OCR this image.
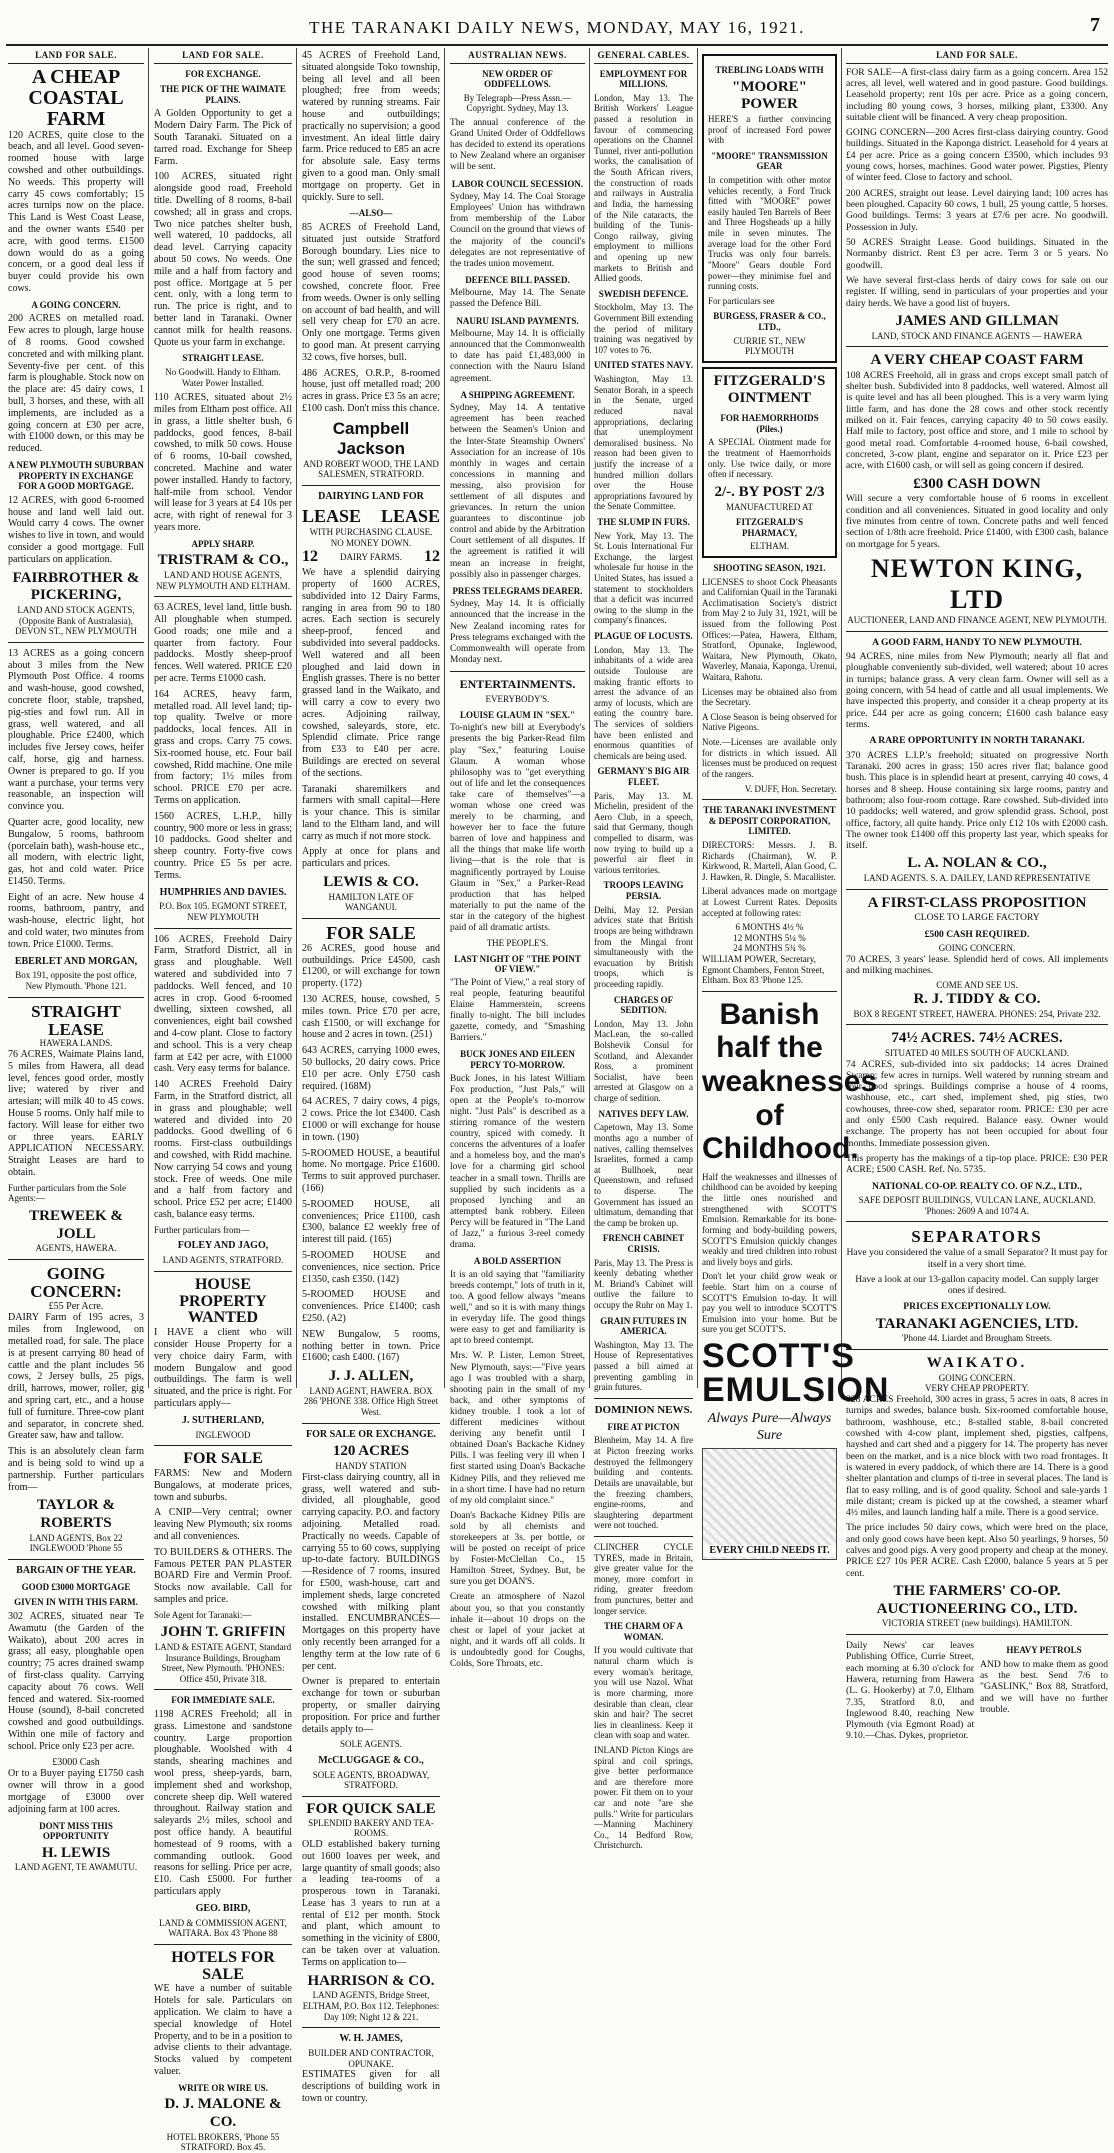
THE TARANAKI DAILY NEWS, MONDAY, MAY 16, 1921.	7
LAND FOR SALE.
A CHEAP COASTAL FARM

120 ACRES, quite close to the beach, and all level. Good seven-roomed house with large cowshed and other outbuildings. No weeds. This property will carry 45 cows comfortably; 15 acres turnips now on the place. This Land is West Coast Lease, and the owner wants £540 per acre, with good terms. £1500 down would do as a going concern, or a good deal less if buyer could provide his own cows.

A GOING CONCERN.

200 ACRES on metalled road. Few acres to plough, large house of 8 rooms. Good cowshed concreted and with milking plant. Seventy-five per cent. of this farm is ploughable. Stock now on the place are: 45 dairy cows, 1 bull, 3 horses, and these, with all implements, are included as a going concern at £30 per acre, with £1000 down, or this may be reduced.

A NEW PLYMOUTH SUBURBAN PROPERTY IN EXCHANGE FOR A GOOD MORTGAGE.

12 ACRES, with good 6-roomed house and land well laid out. Would carry 4 cows. The owner wishes to live in town, and would consider a good mortgage. Full particulars on application.

FAIRBROTHER & PICKERING,
LAND AND STOCK AGENTS, (Opposite Bank of Australasia), DEVON ST., NEW PLYMOUTH

13 ACRES as a going concern about 3 miles from the New Plymouth Post Office. 4 rooms and wash-house, good cowshed, concrete floor, stable, trapshed, pig-sties and fowl run. All in grass, well watered, and all ploughable. Price £2400, which includes five Jersey cows, heifer calf, horse, gig and harness. Owner is prepared to go. If you want a purchase, your terms very reasonable, an inspection will convince you.

Quarter acre, good locality, new Bungalow, 5 rooms, bathroom (porcelain bath), wash-house etc., all modern, with electric light, gas, hot and cold water. Price £1450. Terms.

Eight of an acre. New house 4 rooms, bathroom, pantry, and wash-house, electric light, hot and cold water, two minutes from town. Price £1000. Terms.

EBERLET AND MORGAN,
Box 191, opposite the post office, New Plymouth. 'Phone 121.
STRAIGHT LEASE
HAWERA LANDS.

76 ACRES, Waimate Plains land, 5 miles from Hawera, all dead level, fences good order, mostly live; watered by river and artesian; will milk 40 to 45 cows. House 5 rooms. Only half mile to factory. Will lease for either two or three years. EARLY APPLICATION NECESSARY. Straight Leases are hard to obtain.

Further particulars from the Sole Agents:—

TREWEEK & JOLL
AGENTS, HAWERA.
GOING CONCERN:
£55 Per Acre.

DAIRY Farm of 195 acres, 3 miles from Inglewood, on metalled road, for sale. The place is at present carrying 80 head of cattle and the plant includes 56 cows, 2 Jersey bulls, 25 pigs, drill, harrows, mower, roller, gig and spring cart, etc., and a house full of furniture. Three-cow plant and separator, in concrete shed. Greater saw, haw and tallow.

This is an absolutely clean farm and is being sold to wind up a partnership. Further particulars from—

TAYLOR & ROBERTS
LAND AGENTS, Box 22 INGLEWOOD 'Phone 55
BARGAIN OF THE YEAR.
GOOD £3000 MORTGAGE
GIVEN IN WITH THIS FARM.

302 ACRES, situated near Te Awamutu (the Garden of the Waikato), about 200 acres in grass; all easy, ploughable open country; 75 acres drained swamp of first-class quality. Carrying capacity about 76 cows. Well fenced and watered. Six-roomed House (sound), 8-bail concreted cowshed and good outbuildings. Within one mile of factory and school. Price only £23 per acre.

£3000 Cash

Or to a Buyer paying £1750 cash owner will throw in a good mortgage of £3000 over adjoining farm at 100 acres.

DONT MISS THIS OPPORTUNITY
H. LEWIS
LAND AGENT, TE AWAMUTU.
LAND FOR SALE.
FOR EXCHANGE.
THE PICK OF THE WAIMATE PLAINS.

A Golden Opportunity to get a Modern Dairy Farm. The Pick of South Taranaki. Situated on a tarred road. Exchange for Sheep Farm.

100 ACRES, situated right alongside good road, Freehold title. Dwelling of 8 rooms, 8-bail cowshed; all in grass and crops. Two nice patches shelter bush, well watered, 10 paddocks, all dead level. Carrying capacity about 50 cows. No weeds. One mile and a half from factory and post office. Mortgage at 5 per cent. only, with a long term to run. The price is right, and to better land in Taranaki. Owner cannot milk for health reasons. Quote us your farm in exchange.

STRAIGHT LEASE.

No Goodwill. Handy to Eltham. Water Power Installed.

110 ACRES, situated about 2½ miles from Eltham post office. All in grass, a little shelter bush, 6 paddocks, good fences, 8-bail cowshed, to milk 50 cows. House of 6 rooms, 10-bail cowshed, concreted. Machine and water power installed. Handy to factory, half-mile from school. Vendor will lease for 3 years at £4 10s per acre, with right of renewal for 3 years more.

APPLY SHARP.
TRISTRAM & CO.,
LAND AND HOUSE AGENTS, NEW PLYMOUTH AND ELTHAM.

63 ACRES, level land, little bush. All ploughable when stumped. Good roads; one mile and a quarter from factory. Four paddocks. Mostly sheep-proof fences. Well watered. PRICE £20 per acre. Terms £1000 cash.

164 ACRES, heavy farm, metalled road. All level land; tip-top quality. Twelve or more paddocks, local fences. All in grass and crops. Carry 75 cows. Six-roomed house, etc. Four bail cowshed, Ridd machine. One mile from factory; 1½ miles from school. PRICE £70 per acre. Terms on application.

1560 ACRES, L.H.P., hilly country, 900 more or less in grass; 10 paddocks. Good shelter and sheep country. Forty-five cows country. Price £5 5s per acre. Terms.

HUMPHRIES AND DAVIES.
P.O. Box 105. EGMONT STREET, NEW PLYMOUTH

106 ACRES, Freehold Dairy Farm, Stratford District, all in grass and ploughable. Well watered and subdivided into 7 paddocks. Well fenced, and 10 acres in crop. Good 6-roomed dwelling, sixteen cowshed, all conveniences, eight bail cowshed and 4-cow plant. Close to factory and school. This is a very cheap farm at £42 per acre, with £1000 cash. Very easy terms for balance.

140 ACRES Freehold Dairy Farm, in the Stratford district, all in grass and ploughable; well watered and divided into 20 paddocks. Good dwelling of 6 rooms. First-class outbuildings and cowshed, with Ridd machine. Now carrying 54 cows and young stock. Free of weeds. One mile and a half from factory and school. Price £52 per acre; £1400 cash, balance easy terms.

Further particulars from—

FOLEY AND JAGO,
LAND AGENTS, STRATFORD.
HOUSE PROPERTY WANTED

I HAVE a client who will consider House Property for a very choice dairy Farm, with modern Bungalow and good outbuildings. The farm is well situated, and the price is right. For particulars apply—

J. SUTHERLAND,
INGLEWOOD
FOR SALE

FARMS: New and Modern Bungalows, at moderate prices, town and suburbs.

A CNIP—Very central; owner leaving New Plymouth; six rooms and all conveniences.

TO BUILDERS & OTHERS. The Famous PETER PAN PLASTER BOARD Fire and Vermin Proof. Stocks now available. Call for samples and price.

Sole Agent for Taranaki:—

JOHN T. GRIFFIN
LAND & ESTATE AGENT, Standard Insurance Buildings, Brougham Street, New Plymouth. 'PHONES: Office 450, Private 318.
FOR IMMEDIATE SALE.

1198 ACRES Freehold; all in grass. Limestone and sandstone country. Large proportion ploughable. Woolshed with 4 stands, shearing machines and wool press, sheep-yards, barn, implement shed and workshop, concrete sheep dip. Well watered throughout. Railway station and saleyards 2½ miles, school and post office handy. A beautiful homestead of 9 rooms, with a commanding outlook. Good reasons for selling. Price per acre, £10. Cash £5000. For further particulars apply

GEO. BIRD,
LAND & COMMISSION AGENT, WAITARA. Box 43 'Phone 88
HOTELS FOR SALE

WE have a number of suitable Hotels for sale. Particulars on application. We claim to have a special knowledge of Hotel Property, and to be in a position to advise clients to their advantage. Stocks valued by competent valuer.

WRITE OR WIRE US.
D. J. MALONE & CO.
HOTEL BROKERS, 'Phone 55 STRATFORD. Box 45.

45 ACRES of Freehold Land, situated alongside Toko township, being all level and all been ploughed; free from weeds; watered by running streams. Fair house and outbuildings; practically no supervision; a good investment. An ideal little dairy farm. Price reduced to £85 an acre for absolute sale. Easy terms given to a good man. Only small mortgage on property. Get in quickly. Sure to sell.

—ALSO—

85 ACRES of Freehold Land, situated just outside Stratford Borough boundary. Lies nice to the sun; well grassed and fenced; good house of seven rooms; cowshed, concrete floor. Free from weeds. Owner is only selling on account of bad health, and will sell very cheap for £70 an acre. Only one mortgage. Terms given to good man. At present carrying 32 cows, five horses, bull.

486 ACRES, O.R.P., 8-roomed house, just off metalled road; 200 acres in grass. Price £3 5s an acre; £100 cash. Don't miss this chance.

Campbell Jackson
AND ROBERT WOOD, THE LAND SALESMEN, STRATFORD.
DAIRYING LAND FOR
LEASE LEASE
WITH PURCHASING CLAUSE.
NO MONEY DOWN.
12 DAIRY FARMS. 12

We have a splendid dairying property of 1600 ACRES, subdivided into 12 Dairy Farms, ranging in area from 90 to 180 acres. Each section is securely sheep-proof, fenced and subdivided into several paddocks. Well watered and all been ploughed and laid down in English grasses. There is no better grassed land in the Waikato, and will carry a cow to every two acres. Adjoining railway, cowshed, saleyards, store, etc. Splendid climate. Price range from £33 to £40 per acre. Buildings are erected on several of the sections.

Taranaki sharemilkers and farmers with small capital—Here is your chance. This is similar land to the Eltham land, and will carry as much if not more stock.

Apply at once for plans and particulars and prices.

LEWIS & CO.
HAMILTON LATE OF WANGANUI.
FOR SALE

26 ACRES, good house and outbuildings. Price £4500, cash £1200, or will exchange for town property. (172)

130 ACRES, house, cowshed, 5 miles town. Price £70 per acre, cash £1500, or will exchange for house and 2 acres in town. (251)

643 ACRES, carrying 1000 ewes, 50 bullocks, 20 dairy cows. Price £10 per acre. Only £750 cash required. (168M)

64 ACRES, 7 dairy cows, 4 pigs, 2 cows. Price the lot £3400. Cash £1000 or will exchange for house in town. (190)

5-ROOMED HOUSE, a beautiful home. No mortgage. Price £1600. Terms to suit approved purchaser. (166)

5-ROOMED HOUSE, all conveniences; Price £1100, cash £300, balance £2 weekly free of interest till paid. (165)

5-ROOMED HOUSE and conveniences, nice section. Price £1350, cash £350. (142)

5-ROOMED HOUSE and conveniences. Price £1400; cash £250. (A2)

NEW Bungalow, 5 rooms, nothing better in town. Price £1600; cash £400. (167)

J. J. ALLEN,
LAND AGENT, HAWERA. BOX 286 'PHONE 338. Office High Street West.
FOR SALE OR EXCHANGE.
120 ACRES
HANDY STATION

First-class dairying country, all in grass, well watered and sub-divided, all ploughable, good carrying capacity. P.O. and factory adjoining. Metalled road. Practically no weeds. Capable of carrying 55 to 60 cows, supplying up-to-date factory. BUILDINGS—Residence of 7 rooms, insured for £500, wash-house, cart and implement sheds, large concreted cowshed with milking plant installed. ENCUMBRANCES—Mortgages on this property have only recently been arranged for a lengthy term at the low rate of 6 per cent.

Owner is prepared to entertain exchange for town or suburban property, or smaller dairying proposition. For price and further details apply to—

SOLE AGENTS.
McCLUGGAGE & CO.,
SOLE AGENTS, BROADWAY, STRATFORD.
FOR QUICK SALE
SPLENDID BAKERY AND TEA-ROOMS.

OLD established bakery turning out 1600 loaves per week, and large quantity of small goods; also a leading tea-rooms of a prosperous town in Taranaki. Lease has 3 years to run at a rental of £12 per month. Stock and plant, which amount to something in the vicinity of £800, can be taken over at valuation. Terms on application to—

HARRISON & CO.
LAND AGENTS, Bridge Street, ELTHAM, P.O. Box 112. Telephones: Day 109; Night 12 & 221.
W. H. JAMES,
BUILDER AND CONTRACTOR, OPUNAKE.

ESTIMATES given for all descriptions of building work in town or country.

AUSTRALIAN NEWS.
NEW ORDER OF ODDFELLOWS.

By Telegraph—Press Assn.—Copyright. Sydney, May 13.

The annual conference of the Grand United Order of Oddfellows has decided to extend its operations to New Zealand where an organiser will be sent.

LABOR COUNCIL SECESSION.

Sydney, May 14. The Coal Storage Employees' Union has withdrawn from membership of the Labor Council on the ground that views of the majority of the council's delegates are not representative of the trades union movement.

DEFENCE BILL PASSED.

Melbourne, May 14. The Senate passed the Defence Bill.

NAURU ISLAND PAYMENTS.

Melbourne, May 14. It is officially announced that the Commonwealth to date has paid £1,483,000 in connection with the Nauru Island agreement.

A SHIPPING AGREEMENT.

Sydney, May 14. A tentative agreement has been reached between the Seamen's Union and the Inter-State Steamship Owners' Association for an increase of 10s monthly in wages and certain concessions in manning and messing, also provision for settlement of all disputes and grievances. In return the union guarantees to discontinue job control and abide by the Arbitration Court settlement of all disputes. If the agreement is ratified it will mean an increase in freight, possibly also in passenger charges.

PRESS TELEGRAMS DEARER.

Sydney, May 14. It is officially announced that the increase in the New Zealand incoming rates for Press telegrams exchanged with the Commonwealth will operate from Monday next.

ENTERTAINMENTS.
EVERYBODY'S.
LOUISE GLAUM IN "SEX."

To-night's new bill at Everybody's presents the big Parker-Read film play "Sex," featuring Louise Glaum. A woman whose philosophy was to "get everything out of life and let the consequences take care of themselves"—a woman whose one creed was merely to be charming, and however her to face the future barren of love and happiness and all the things that make life worth living—that is the role that is magnificently portrayed by Louise Glaum in "Sex," a Parker-Read production that has helped materially to put the name of the star in the category of the highest paid of all dramatic artists.

THE PEOPLE'S.
LAST NIGHT OF "THE POINT OF VIEW."

"The Point of View," a real story of real people, featuring beautiful Elaine Hammerstein, screens finally to-night. The bill includes gazette, comedy, and "Smashing Barriers."

BUCK JONES AND EILEEN PERCY TO-MORROW.

Buck Jones, in his latest William Fox production, "Just Pals," will open at the People's to-morrow night. "Just Pals" is described as a stirring romance of the western country, spiced with comedy. It concerns the adventures of a loafer and a homeless boy, and the man's love for a charming girl school teacher in a small town. Thrills are supplied by such incidents as a proposed lynching and an attempted bank robbery. Eileen Percy will be featured in "The Land of Jazz," a furious 3-reel comedy drama.

A BOLD ASSERTION

It is an old saying that "familiarity breeds contempt," lots of truth in it, too. A good fellow always "means well," and so it is with many things in everyday life. The good things were easy to get and familiarity is apt to breed contempt.

Mrs. W. P. Lister, Lemon Street, New Plymouth, says:—"Five years ago I was troubled with a sharp, shooting pain in the small of my back, and other symptoms of kidney trouble. I took a lot of different medicines without deriving any benefit until I obtained Doan's Backache Kidney Pills. I was feeling very ill when I first started using Doan's Backache Kidney Pills, and they relieved me in a short time. I have had no return of my old complaint since."

Doan's Backache Kidney Pills are sold by all chemists and storekeepers at 3s. per bottle, or will be posted on receipt of price by Foster-McClellan Co., 15 Hamilton Street, Sydney. But, be sure you get DOAN'S.

Create an atmosphere of Nazol about you, so that you constantly inhale it—about 10 drops on the chest or lapel of your jacket at night, and it wards off all colds. It is undoubtedly good for Coughs, Colds, Sore Throats, etc.

GENERAL CABLES.
EMPLOYMENT FOR MILLIONS.

London, May 13. The British Workers' League passed a resolution in favour of commencing operations on the Channel Tunnel, river anti-pollution works, the canalisation of the South African rivers, the construction of roads and railways in Australia and India, the harnessing of the Nile cataracts, the building of the Tunis-Congo railway, giving employment to millions and opening up new markets to British and Allied goods.

SWEDISH DEFENCE.

Stockholm, May 13. The Government Bill extending the period of military training was negatived by 107 votes to 76.

UNITED STATES NAVY.

Washington, May 13. Senator Borah, in a speech in the Senate, urged reduced naval appropriations, declaring that unemployment demoralised business. No reason had been given to justify the increase of a hundred million dollars over the House appropriations favoured by the Senate Committee.

THE SLUMP IN FURS.

New York, May 13. The St. Louis International Fur Exchange, the largest wholesale fur house in the United States, has issued a statement to stockholders that a deficit was incurred owing to the slump in the company's finances.

PLAGUE OF LOCUSTS.

London, May 13. The inhabitants of a wide area outside Toulouse are making frantic efforts to arrest the advance of an army of locusts, which are eating the country bare. The services of soldiers have been enlisted and enormous quantities of chemicals are being used.

GERMANY'S BIG AIR FLEET.

Paris, May 13. M. Michelin, president of the Aero Club, in a speech, said that Germany, though compelled to disarm, was now trying to build up a powerful air fleet in various territories.

TROOPS LEAVING PERSIA.

Delhi, May 12. Persian advices state that British troops are being withdrawn from the Mingal front simultaneously with the evacuation by British troops, which is proceeding rapidly.

CHARGES OF SEDITION.

London, May 13. John MacLean, the so-called Bolshevik Consul for Scotland, and Alexander Ross, a prominent Socialist, have been arrested at Glasgow on a charge of sedition.

NATIVES DEFY LAW.

Capetown, May 13. Some months ago a number of natives, calling themselves Israelites, formed a camp at Bullhoek, near Queenstown, and refused to disperse. The Government has issued an ultimatum, demanding that the camp be broken up.

FRENCH CABINET CRISIS.

Paris, May 13. The Press is keenly debating whether M. Briand's Cabinet will outlive the failure to occupy the Ruhr on May 1.

GRAIN FUTURES IN AMERICA.

Washington, May 13. The House of Representatives passed a bill aimed at preventing gambling in grain futures.

DOMINION NEWS.
FIRE AT PICTON

Blenheim, May 14. A fire at Picton freezing works destroyed the fellmongery building and contents. Details are unavailable, but the freezing chambers, engine-rooms, and slaughtering department were not touched.

CLINCHER CYCLE TYRES, made in Britain, give greater value for the money, more comfort in riding, greater freedom from punctures, better and longer service.

THE CHARM OF A WOMAN.

If you would cultivate that natural charm which is every woman's heritage, you will use Nazol. What is more charming, more desirable than clean, clear skin and hair? The secret lies in cleanliness. Keep it clean with soap and water.

INLAND Picton Kings are spiral and coil springs, give better performance and are therefore more power. Fit them on to your car and note "are she pulls." Write for particulars—Manning Machinery Co., 14 Bedford Row, Christchurch.

TREBLING LOADS WITH
"MOORE"
POWER

HERE'S a further convincing proof of increased Ford power with

"MOORE" TRANSMISSION GEAR

In competition with other motor vehicles recently, a Ford Truck fitted with "MOORE" power easily hauled Ten Barrels of Beer and Three Hogsheads up a hilly mile in seven minutes. The average load for the other Ford Trucks was only four barrels. "Moore" Gears double Ford power—they minimise fuel and running costs.

For particulars see

BURGESS, FRASER & CO., LTD.,
CURRIE ST., NEW PLYMOUTH
FITZGERALD'S
OINTMENT
FOR HAEMORRHOIDS (Piles.)

A SPECIAL Ointment made for the treatment of Haemorrhoids only. Use twice daily, or more often if necessary.

2/-. BY POST 2/3
MANUFACTURED AT
FITZGERALD'S PHARMACY,
ELTHAM.
SHOOTING SEASON, 1921.

LICENSES to shoot Cock Pheasants and Californian Quail in the Taranaki Acclimatisation Society's district from May 2 to July 31, 1921, will be issued from the following Post Offices:—Patea, Hawera, Eltham, Stratford, Opunake, Inglewood, Waitara, New Plymouth, Okato, Waverley, Manaia, Kaponga, Urenui, Waitara, Rahotu.

Licenses may be obtained also from the Secretary.

A Close Season is being observed for Native Pigeons.

Note.—Licenses are available only for districts in which issued. All licenses must be produced on request of the rangers.

V. DUFF, Hon. Secretary.

THE TARANAKI INVESTMENT & DEPOSIT CORPORATION, LIMITED.

DIRECTORS: Messrs. J. B. Richards (Chairman), W. P. Kirkwood, R. Martell, Alan Good, C. J. Hawken, R. Dingle, S. Macallister.

Liberal advances made on mortgage at Lowest Current Rates. Deposits accepted at following rates:

6 MONTHS 4½ %
12 MONTHS 5¼ %
24 MONTHS 5¾ %

WILLIAM POWER, Secretary, Egmont Chambers, Fenton Street, Eltham. Box 83 'Phone 125.

Banish half the weaknesses of Childhood.

Half the weaknesses and illnesses of childhood can be avoided by keeping the little ones nourished and strengthened with SCOTT'S Emulsion. Remarkable for its bone-forming and body-building powers, SCOTT'S Emulsion quickly changes weakly and tired children into robust and lively boys and girls.

Don't let your child grow weak or feeble. Start him on a course of SCOTT'S Emulsion to-day. It will pay you well to introduce SCOTT'S Emulsion into your home. But be sure you get SCOTT'S.

SCOTT'S
EMULSION
Always Pure—Always Sure
EVERY CHILD NEEDS IT.
LAND FOR SALE.

FOR SALE—A first-class dairy farm as a going concern. Area 152 acres, all level, well watered and in good pasture. Good buildings. Leasehold property; rent 10s per acre. Price as a going concern, including 80 young cows, 3 horses, milking plant, £3300. Any suitable client will be financed. A very cheap proposition.

GOING CONCERN—200 Acres first-class dairying country. Good buildings. Situated in the Kaponga district. Leasehold for 4 years at £4 per acre. Price as a going concern £3500, which includes 93 young cows, horses, machines. Good water power. Pigsties, Plenty of winter feed. Close to factory and school.

200 ACRES, straight out lease. Level dairying land; 100 acres has been ploughed. Capacity 60 cows, 1 bull, 25 young cattle, 5 horses. Good buildings. Terms: 3 years at £7/6 per acre. No goodwill. Possession in July.

50 ACRES Straight Lease. Good buildings. Situated in the Normanby district. Rent £3 per acre. Term 3 or 5 years. No goodwill.

We have several first-class herds of dairy cows for sale on our register. If willing, send in particulars of your properties and your dairy herds. We have a good list of buyers.

JAMES AND GILLMAN
LAND, STOCK AND FINANCE AGENTS — HAWERA
A VERY CHEAP COAST FARM

108 ACRES Freehold, all in grass and crops except small patch of shelter bush. Subdivided into 8 paddocks, well watered. Almost all is quite level and has all been ploughed. This is a very warm lying little farm, and has done the 28 cows and other stock recently milked on it. Fair fences, carrying capacity 40 to 50 cows easily. Half mile to factory, post office and store, and 1 mile to school by good metal road. Comfortable 4-roomed house, 6-bail cowshed, concreted, 3-cow plant, engine and separator on it. Price £23 per acre, with £1600 cash, or will sell as going concern if desired.

£300 CASH DOWN

Will secure a very comfortable house of 6 rooms in excellent condition and all conveniences. Situated in good locality and only five minutes from centre of town. Concrete paths and well fenced section of 1/8th acre freehold. Price £1400, with £300 cash, balance on mortgage for 5 years.

NEWTON KING, LTD
AUCTIONEER, LAND AND FINANCE AGENT, NEW PLYMOUTH.
A GOOD FARM, HANDY TO NEW PLYMOUTH.

94 ACRES, nine miles from New Plymouth; nearly all flat and ploughable conveniently sub-divided, well watered; about 10 acres in turnips; balance grass. A very clean farm. Owner will sell as a going concern, with 54 head of cattle and all usual implements. We have inspected this property, and consider it a cheap property at its price. £44 per acre as going concern; £1600 cash balance easy terms.

A RARE OPPORTUNITY IN NORTH TARANAKI.

370 ACRES L.I.P.'s freehold; situated on progressive North Taranaki. 200 acres in grass; 150 acres river flat; balance good bush. This place is in splendid heart at present, carrying 40 cows, 4 horses and 8 sheep. House containing six large rooms, pantry and bathroom; also four-room cottage. Rare cowshed. Sub-divided into 10 paddocks; well watered, and grow splendid grass. School, post office, factory, all quite handy. Price only £12 10s with £2000 cash. The owner took £1400 off this property last year, which speaks for itself.

L. A. NOLAN & CO.,
LAND AGENTS. S. A. DAILEY, LAND REPRESENTATIVE
A FIRST-CLASS PROPOSITION
CLOSE TO LARGE FACTORY
£500 CASH REQUIRED.
GOING CONCERN.

70 ACRES, 3 years' lease. Splendid herd of cows. All implements and milking machines.

COME AND SEE US.
R. J. TIDDY & CO.
BOX 8 REGENT STREET, HAWERA. PHONES: 254, Private 232.
74½ ACRES. 74½ ACRES.
SITUATED 40 MILES SOUTH OF AUCKLAND.

74 ACRES, sub-divided into six paddocks; 14 acres Drained Swamp; few acres in turnips. Well watered by running stream and four good springs. Buildings comprise a house of 4 rooms, washhouse, etc., cart shed, implement shed, pig sties, two cowhouses, three-cow shed, separator room. PRICE: £30 per acre and only £500 Cash required. Balance easy. Owner would exchange. The property has not been occupied for about four months. Immediate possession given.

This property has the makings of a tip-top place. PRICE: £30 PER ACRE; £500 CASH. Ref. No. 5735.

NATIONAL CO-OP. REALTY CO. OF N.Z., LTD.,
SAFE DEPOSIT BUILDINGS, VULCAN LANE, AUCKLAND. 'Phones: 2609 A and 1074 A.
SEPARATORS

Have you considered the value of a small Separator? It must pay for itself in a very short time.

Have a look at our 13-gallon capacity model. Can supply larger ones if desired.

PRICES EXCEPTIONALLY LOW.
TARANAKI AGENCIES, LTD.
'Phone 44. Liardet and Brougham Streets.
WAIKATO.
GOING CONCERN.
VERY CHEAP PROPERTY.

328 ACRES Freehold, 300 acres in grass, 5 acres in oats, 8 acres in turnips and swedes, balance bush. Six-roomed comfortable house, bathroom, washhouse, etc.; 8-stalled stable, 8-bail concreted cowshed with 4-cow plant, implement shed, pigsties, calfpens, hayshed and cart shed and a piggery for 14. The property has never been on the market, and is a nice block with two road frontages. It is watered in every paddock, of which there are 14. There is a good shelter plantation and clumps of ti-tree in several places. The land is flat to easy rolling, and is of good quality. School and sale-yards 1 mile distant; cream is picked up at the cowshed, a steamer wharf 4½ miles, and launch landing half a mile. There is a good service.

The price includes 50 dairy cows, which were bred on the place, and only good cows have been kept. Also 50 yearlings, 9 horses, 50 calves and good pigs. A very good property and cheap at the money. PRICE £27 10s PER ACRE. Cash £2000, balance 5 years at 5 per cent.

THE FARMERS' CO-OP. AUCTIONEERING CO., LTD.
VICTORIA STREET (new buildings). HAMILTON.

Daily News' car leaves Publishing Office, Currie Street, each morning at 6.30 o'clock for Hawera, returning from Hawera (L. G. Hookerby) at 7.0, Eltham 7.35, Stratford 8.0, and Inglewood 8.40, reaching New Plymouth (via Egmont Road) at 9.10.—Chas. Dykes, proprietor.

HEAVY PETROLS

AND how to make them as good as the best. Send 7/6 to "GASLINK," Box 88, Stratford, and we will have no further trouble.
